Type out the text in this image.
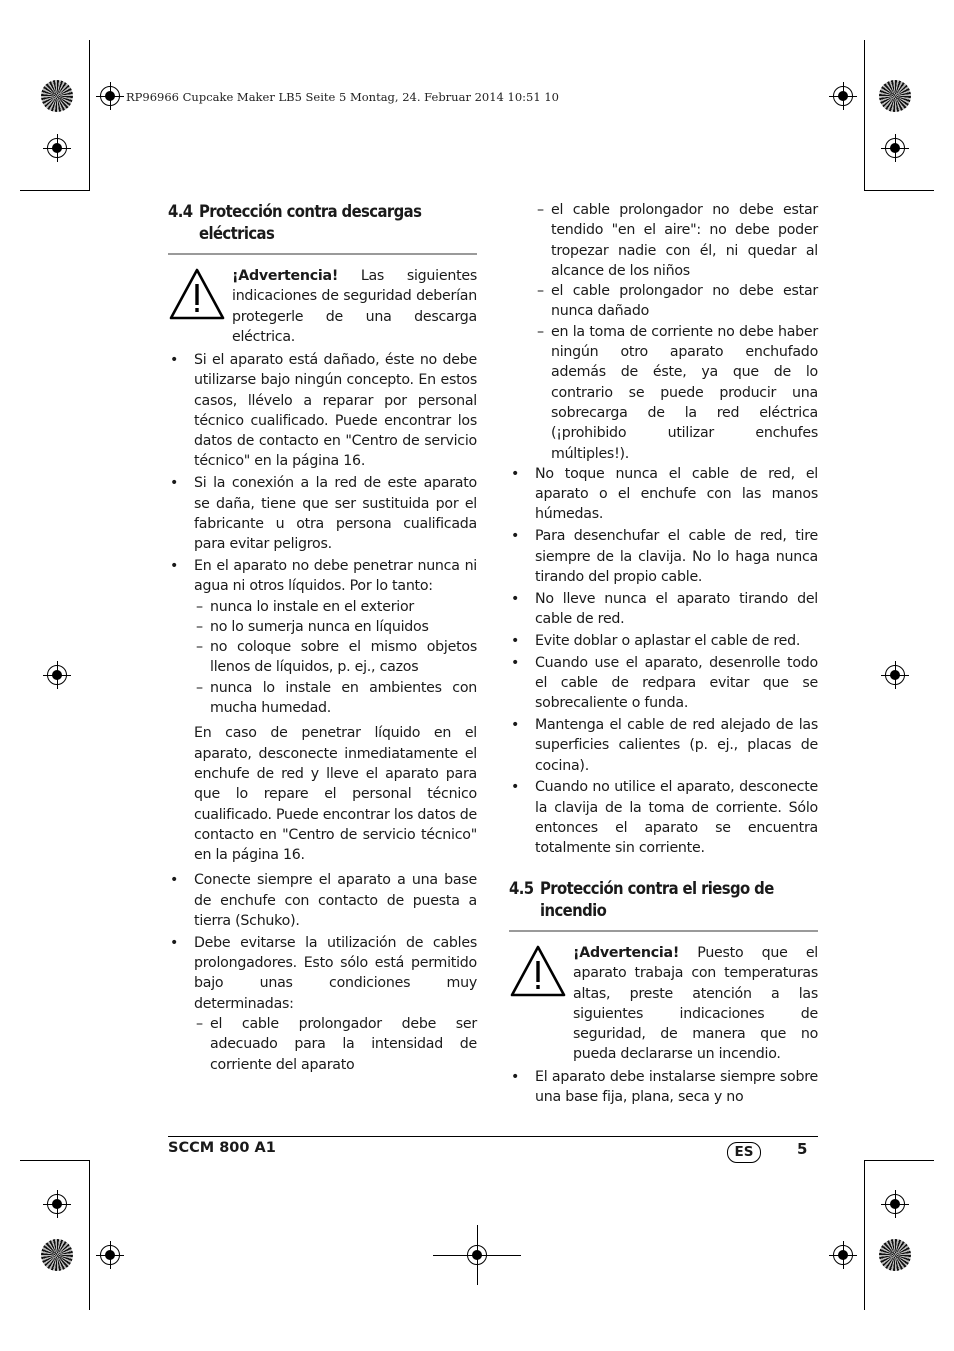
RP96966 Cupcake Maker LB5 Seite 5 Montag, 24. Februar 2014 10:51 10
4.4 Protección contra descargas
eléctricas
¡Advertencia! Las siguientes indicaciones de seguridad deberían protegerle de una descarga eléctrica.
• Si el aparato está dañado, éste no debe utilizarse bajo ningún concepto. En estos casos, llévelo a reparar por personal técnico cualificado. Puede encontrar los datos de contacto en "Centro de servicio técnico" en la página 16.
• Si la conexión a la red de este aparato se daña, tiene que ser sustituida por el fabricante u otra persona cualificada para evitar peligros.
• En el aparato no debe penetrar nunca ni agua ni otros líquidos. Por lo tanto:
– nunca lo instale en el exterior
– no lo sumerja nunca en líquidos
– no coloque sobre el mismo objetos llenos de líquidos, p. ej., cazos
– nunca lo instale en ambientes con mucha humedad.
En caso de penetrar líquido en el aparato, desconecte inmediatamente el enchufe de red y lleve el aparato para que lo repare el personal técnico cualificado. Puede encontrar los datos de contacto en "Centro de servicio técnico" en la página 16.
• Conecte siempre el aparato a una base de enchufe con contacto de puesta a tierra (Schuko).
• Debe evitarse la utilización de cables prolongadores. Esto sólo está permitido bajo unas condiciones muy determinadas:
– el cable prolongador debe ser adecuado para la intensidad de corriente del aparato
– el cable prolongador no debe estar tendido "en el aire": no debe poder tropezar nadie con él, ni quedar al alcance de los niños
– el cable prolongador no debe estar nunca dañado
– en la toma de corriente no debe haber ningún otro aparato enchufado además de éste, ya que de lo contrario se puede producir una sobrecarga de la red eléctrica (¡prohibido utilizar enchufes múltiples!).
• No toque nunca el cable de red, el aparato o el enchufe con las manos húmedas.
• Para desenchufar el cable de red, tire siempre de la clavija. No lo haga nunca tirando del propio cable.
• No lleve nunca el aparato tirando del cable de red.
• Evite doblar o aplastar el cable de red.
• Cuando use el aparato, desenrolle todo el cable de redpara evitar que se sobrecaliente o funda.
• Mantenga el cable de red alejado de las superficies calientes (p. ej., placas de cocina).
• Cuando no utilice el aparato, desconecte la clavija de la toma de corriente. Sólo entonces el aparato se encuentra totalmente sin corriente.
4.5 Protección contra el riesgo de
incendio
¡Advertencia! Puesto que el aparato trabaja con temperaturas altas, preste atención a las siguientes indicaciones de seguridad, de manera que no pueda declararse un incendio.
• El aparato debe instalarse siempre sobre una base fija, plana, seca y no
SCCM 800 A1	ES	5
